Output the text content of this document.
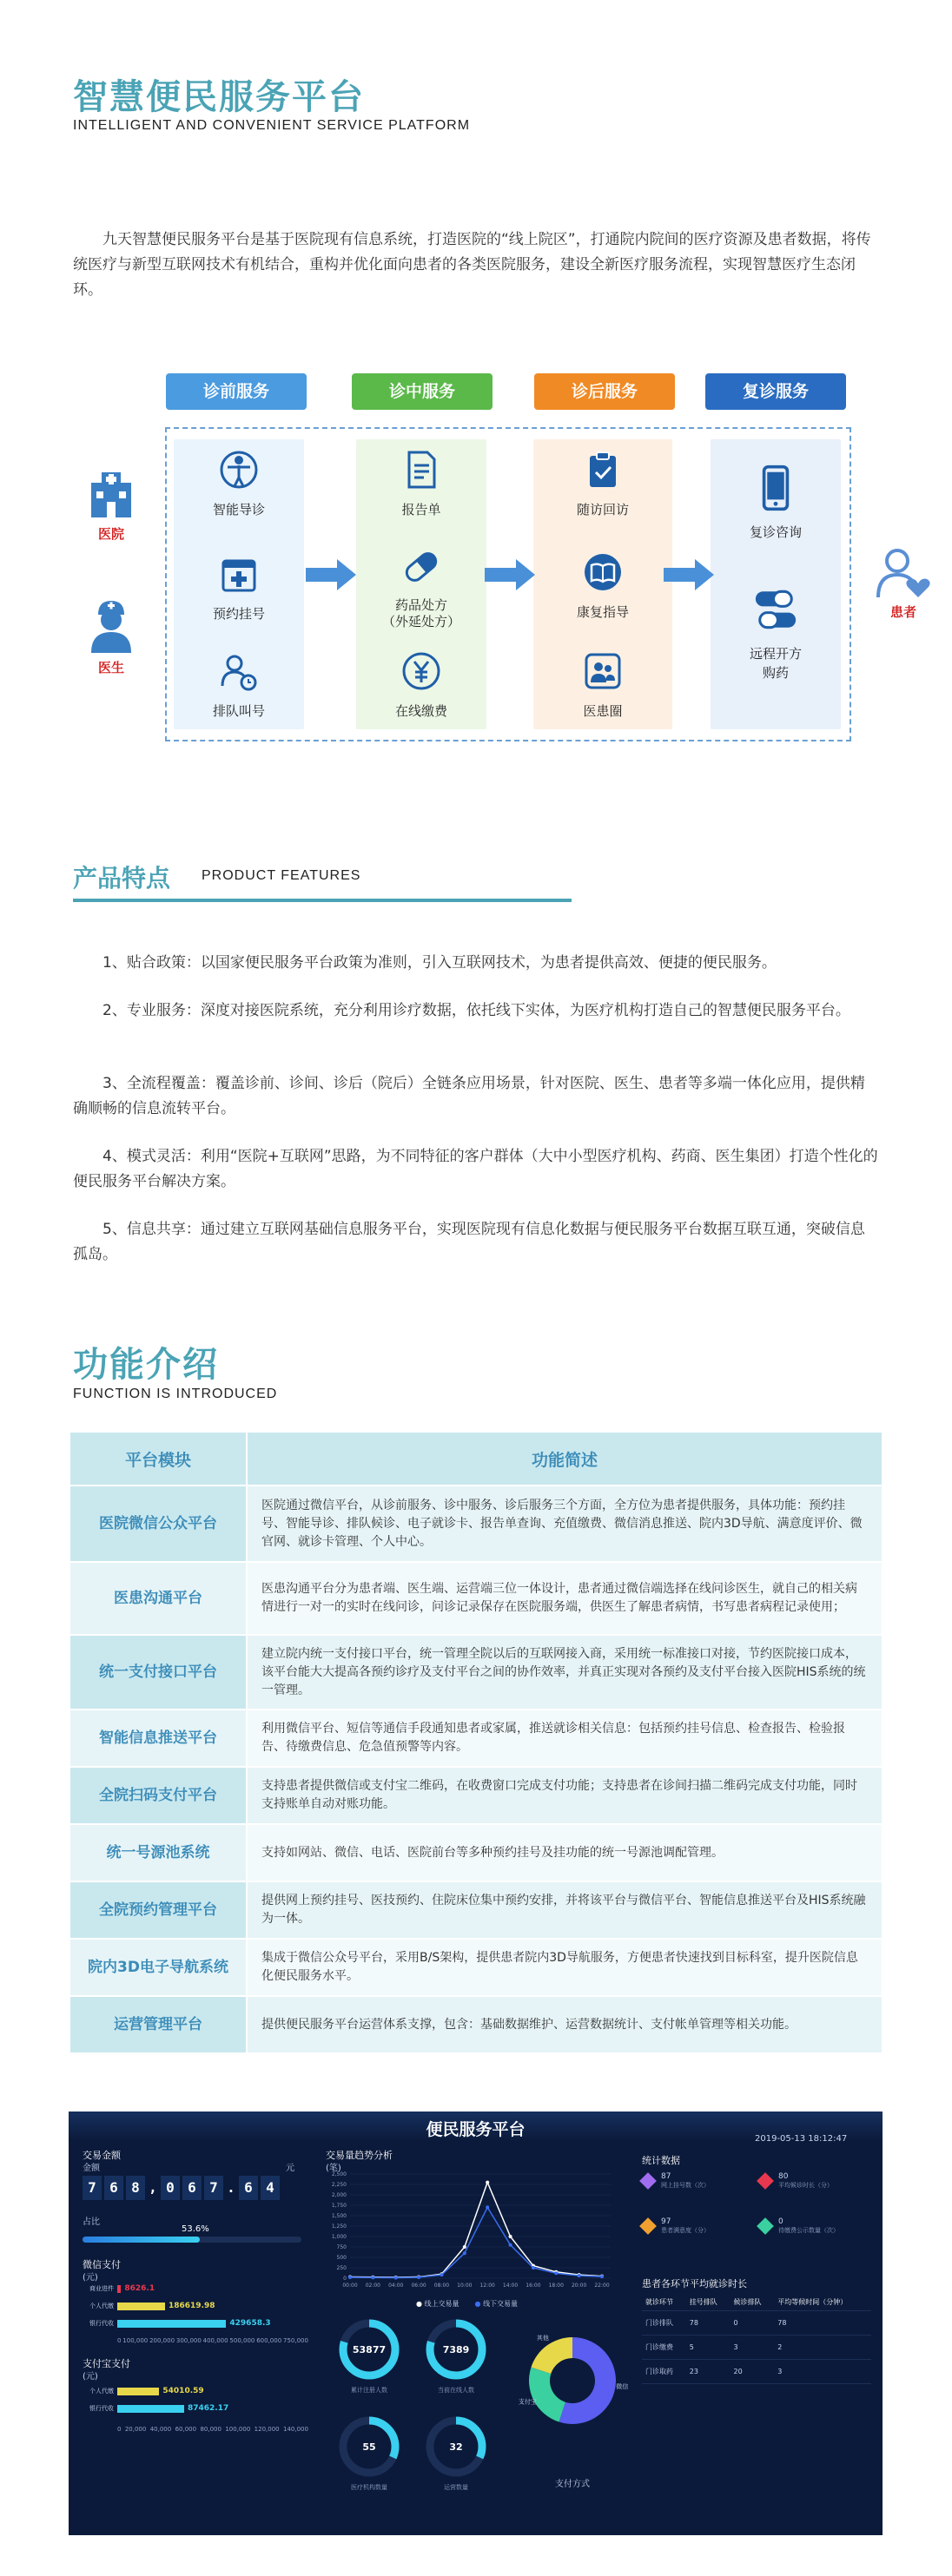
智慧便民服务平台
INTELLIGENT AND CONVENIENT SERVICE PLATFORM
九天智慧便民服务平台是基于医院现有信息系统，打造医院的“线上院区”，打通院内院间的医疗资源及患者数据，将传统医疗与新型互联网技术有机结合，重构并优化面向患者的各类医院服务，建设全新医疗服务流程，实现智慧医疗生态闭环。
医院
医生
患者
诊前服务	诊中服务	诊后服务	复诊服务
智能导诊
预约挂号
排队叫号
报告单
药品处方
（外延处方）
在线缴费
随访回访
康复指导
医患圈
复诊咨询
远程开方
购药
产品特点 PRODUCT FEATURES
1、贴合政策：以国家便民服务平台政策为准则，引入互联网技术，为患者提供高效、便捷的便民服务。
2、专业服务：深度对接医院系统，充分利用诊疗数据，依托线下实体，为医疗机构打造自己的智慧便民服务平台。
3、全流程覆盖：覆盖诊前、诊间、诊后（院后）全链条应用场景，针对医院、医生、患者等多端一体化应用，提供精确顺畅的信息流转平台。
4、模式灵活：利用“医院+互联网”思路，为不同特征的客户群体（大中小型医疗机构、药商、医生集团）打造个性化的便民服务平台解决方案。
5、信息共享：通过建立互联网基础信息服务平台，实现医院现有信息化数据与便民服务平台数据互联互通，突破信息孤岛。
功能介绍
FUNCTION IS INTRODUCED
平台模块	功能简述
医院微信公众平台	医院通过微信平台，从诊前服务、诊中服务、诊后服务三个方面，全方位为患者提供服务，具体功能：预约挂号、智能导诊、排队候诊、电子就诊卡、报告单查询、充值缴费、微信消息推送、院内3D导航、满意度评价、微官网、就诊卡管理、个人中心。
医患沟通平台	医患沟通平台分为患者端、医生端、运营端三位一体设计，患者通过微信端选择在线问诊医生，就自己的相关病情进行一对一的实时在线问诊，问诊记录保存在医院服务端，供医生了解患者病情，书写患者病程记录使用；
统一支付接口平台	建立院内统一支付接口平台，统一管理全院以后的互联网接入商，采用统一标准接口对接，节约医院接口成本，该平台能大大提高各预约诊疗及支付平台之间的协作效率，并真正实现对各预约及支付平台接入医院HIS系统的统一管理。
智能信息推送平台	利用微信平台、短信等通信手段通知患者或家属，推送就诊相关信息：包括预约挂号信息、检查报告、检验报告、待缴费信息、危急值预警等内容。
全院扫码支付平台	支持患者提供微信或支付宝二维码，在收费窗口完成支付功能；支持患者在诊间扫描二维码完成支付功能，同时支持账单自动对账功能。
统一号源池系统	支持如网站、微信、电话、医院前台等多种预约挂号及挂功能的统一号源池调配管理。
全院预约管理平台	提供网上预约挂号、医技预约、住院床位集中预约安排，并将该平台与微信平台、智能信息推送平台及HIS系统融为一体。
院内3D电子导航系统	集成于微信公众号平台，采用B/S架构，提供患者院内3D导航服务，方便患者快速找到目标科室，提升医院信息化便民服务水平。
运营管理平台	提供便民服务平台运营体系支撑，包含：基础数据维护、运营数据统计、支付帐单管理等相关功能。
便民服务平台	2019-05-13 18:12:47
交易金额
金额	元
7 6 8 , 0 6 7 . 6 4
占比
53.6%
微信支付
(元)
商业进件	8626.1
个人代缴	186619.98
银行代收	429658.3
0 100,000 200,000 300,000 400,000 500,000 600,000 750,000
支付宝支付
(元)
个人代缴	54010.59
银行代收	87462.17
0 20,000 40,000 60,000 80,000 100,000 120,000 140,000
交易量趋势分析
(笔)
00:00 02:00 04:00 06:00 08:00 10:00 12:00 14:00 16:00 18:00 20:00 22:00
2,500
2,250
2,000
1,750
1,500
1,250
1,000
750
500
250
0
● 线上交易量 ● 线下交易量
53877
累计注册人数
7389
当前在线人数
55
医疗机构数量
32
运营数量
微信
支付宝
其他
支付方式
统计数据
87
网上挂号数（次）
80
平均候诊时长（分）
97
患者满意度（分）
0
待缴费公示数量（次）
患者各环节平均就诊时长
就诊环节	挂号排队	候诊排队	平均等候时间（分钟）
门诊排队	78	0	78
门诊缴费	5	3	2
门诊取药	23	20	3
